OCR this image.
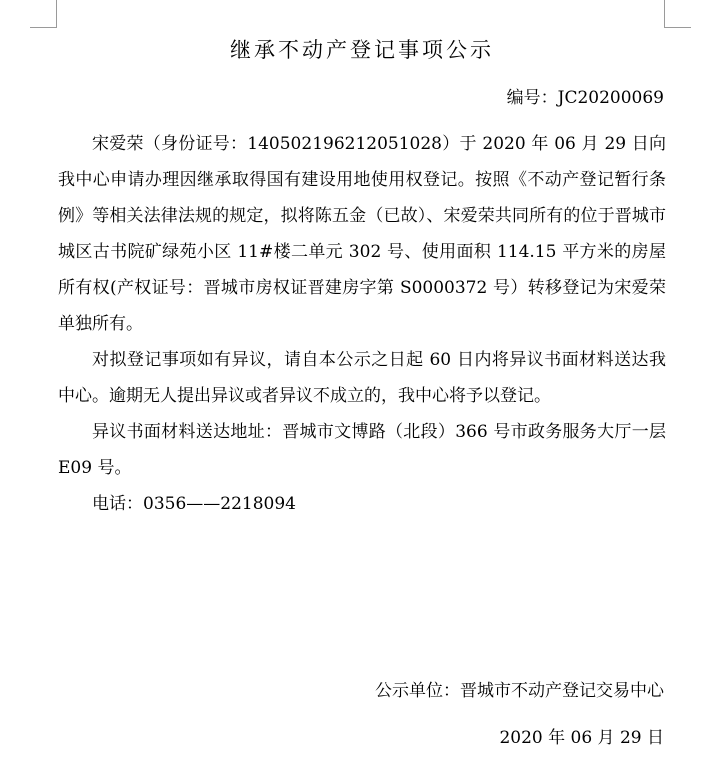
继承不动产登记事项公示
编号：JC20200069

宋爱荣（身份证号：140502196212051028）于 2020 年 06 月 29 日向我中心申请办理因继承取得国有建设用地使用权登记。按照《不动产登记暂行条例》等相关法律法规的规定，拟将陈五金（已故）、宋爱荣共同所有的位于晋城市城区古书院矿绿苑小区 11#楼二单元 302 号、使用面积 114.15 平方米的房屋所有权(产权证号：晋城市房权证晋建房字第 S0000372 号）转移登记为宋爱荣单独所有。

对拟登记事项如有异议，请自本公示之日起 60 日内将异议书面材料送达我中心。逾期无人提出异议或者异议不成立的，我中心将予以登记。

异议书面材料送达地址：晋城市文博路（北段）366 号市政务服务大厅一层 E09 号。

电话：0356——2218094

公示单位：晋城市不动产登记交易中心
2020 年 06 月 29 日
